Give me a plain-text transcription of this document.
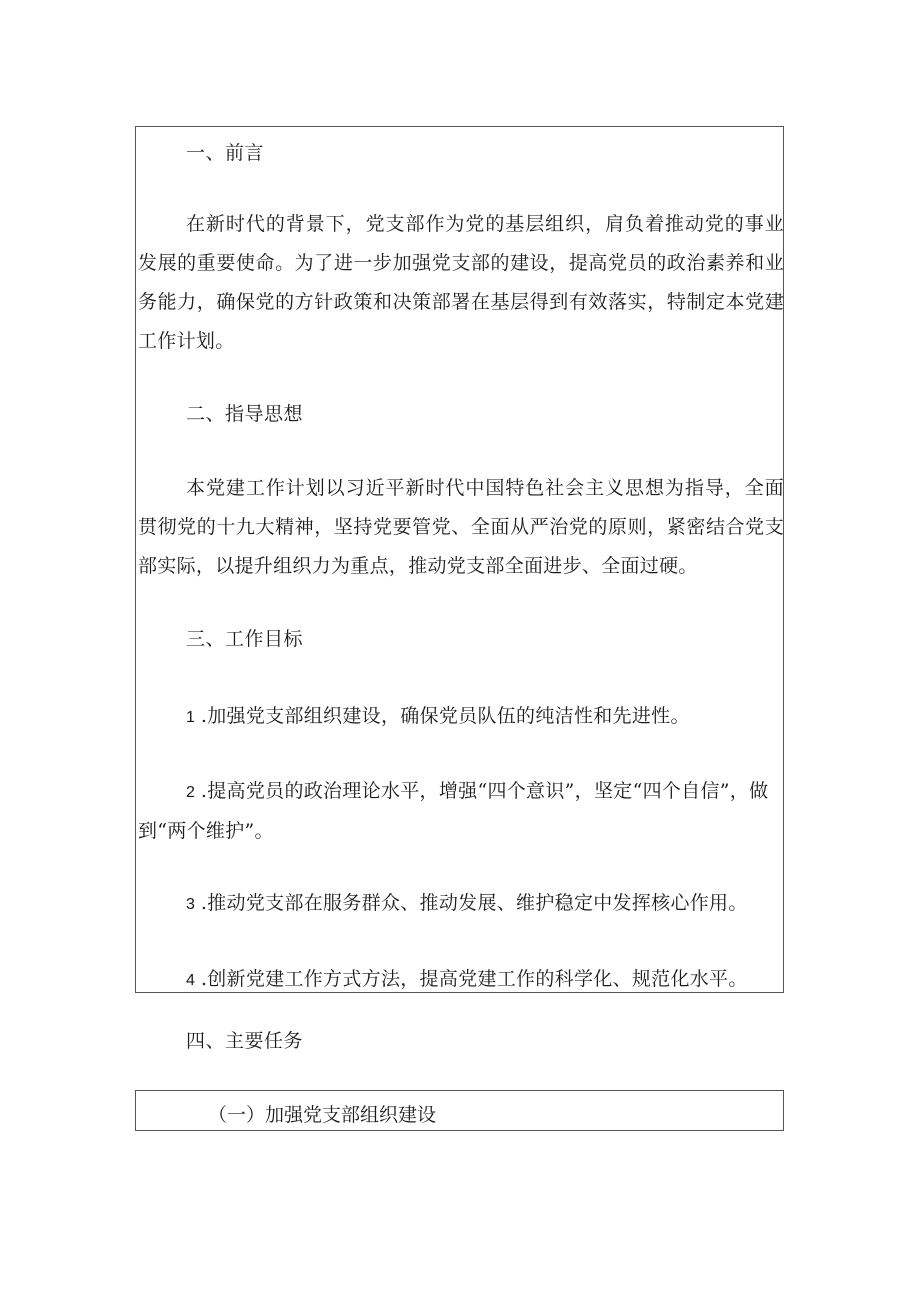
一、前言

在新时代的背景下，党支部作为党的基层组织，肩负着推动党的事业发展的重要使命。为了进一步加强党支部的建设，提高党员的政治素养和业务能力，确保党的方针政策和决策部署在基层得到有效落实，特制定本党建工作计划。

二、指导思想

本党建工作计划以习近平新时代中国特色社会主义思想为指导，全面贯彻党的十九大精神，坚持党要管党、全面从严治党的原则，紧密结合党支部实际，以提升组织力为重点，推动党支部全面进步、全面过硬。

三、工作目标

1 .加强党支部组织建设，确保党员队伍的纯洁性和先进性。

2 .提高党员的政治理论水平，增强“四个意识”，坚定“四个自信”，做到“两个维护”。

3 .推动党支部在服务群众、推动发展、维护稳定中发挥核心作用。

4 .创新党建工作方式方法，提高党建工作的科学化、规范化水平。

四、主要任务

（一）加强党支部组织建设
